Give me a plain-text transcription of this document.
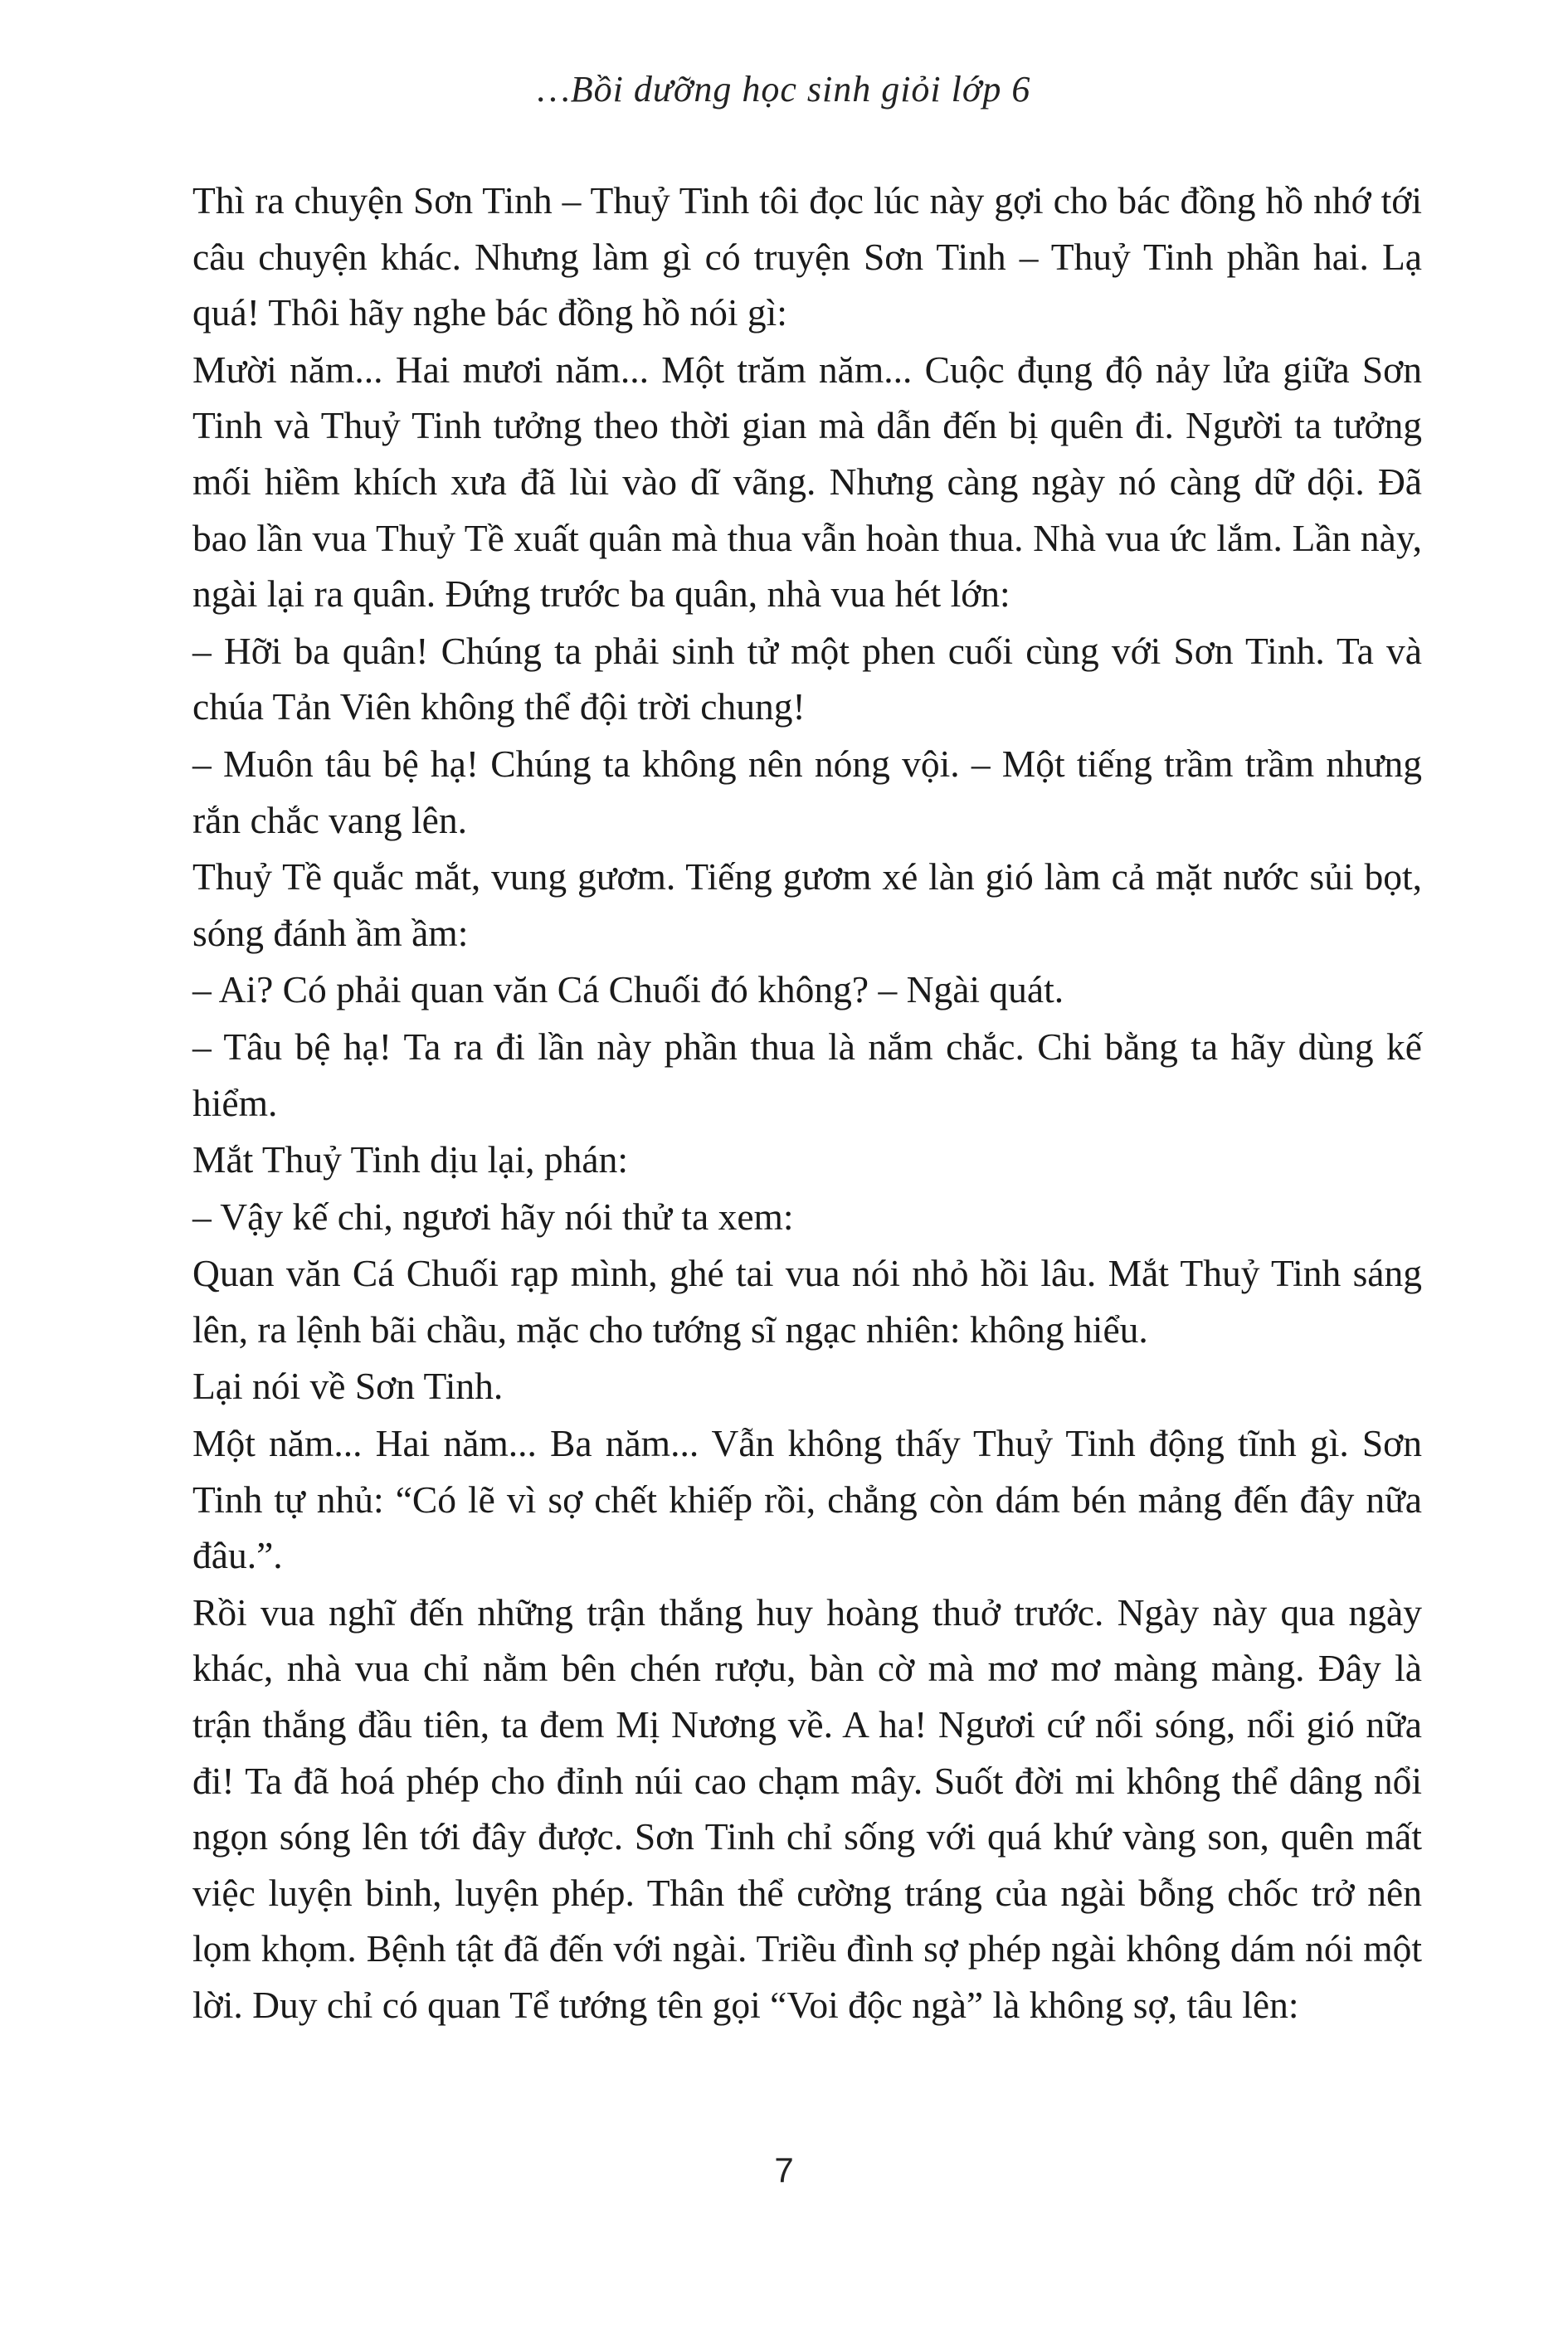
…Bồi dưỡng học sinh giỏi lớp 6

Thì ra chuyện Sơn Tinh – Thuỷ Tinh tôi đọc lúc này gợi cho bác đồng hồ nhớ tới câu chuyện khác. Nhưng làm gì có truyện Sơn Tinh – Thuỷ Tinh phần hai. Lạ quá! Thôi hãy nghe bác đồng hồ nói gì:

Mười năm... Hai mươi năm... Một trăm năm... Cuộc đụng độ nảy lửa giữa Sơn Tinh và Thuỷ Tinh tưởng theo thời gian mà dẫn đến bị quên đi. Người ta tưởng mối hiềm khích xưa đã lùi vào dĩ vãng. Nhưng càng ngày nó càng dữ dội. Đã bao lần vua Thuỷ Tề xuất quân mà thua vẫn hoàn thua. Nhà vua ức lắm. Lần này, ngài lại ra quân. Đứng trước ba quân, nhà vua hét lớn:

– Hỡi ba quân! Chúng ta phải sinh tử một phen cuối cùng với Sơn Tinh. Ta và chúa Tản Viên không thể đội trời chung!

– Muôn tâu bệ hạ! Chúng ta không nên nóng vội. – Một tiếng trầm trầm nhưng rắn chắc vang lên.

Thuỷ Tề quắc mắt, vung gươm. Tiếng gươm xé làn gió làm cả mặt nước sủi bọt, sóng đánh ầm ầm:

– Ai? Có phải quan văn Cá Chuối đó không? – Ngài quát.

– Tâu bệ hạ! Ta ra đi lần này phần thua là nắm chắc. Chi bằng ta hãy dùng kế hiểm.

Mắt Thuỷ Tinh dịu lại, phán:

– Vậy kế chi, ngươi hãy nói thử ta xem:

Quan văn Cá Chuối rạp mình, ghé tai vua nói nhỏ hồi lâu. Mắt Thuỷ Tinh sáng lên, ra lệnh bãi chầu, mặc cho tướng sĩ ngạc nhiên: không hiểu.

Lại nói về Sơn Tinh.

Một năm... Hai năm... Ba năm... Vẫn không thấy Thuỷ Tinh động tĩnh gì. Sơn Tinh tự nhủ: “Có lẽ vì sợ chết khiếp rồi, chẳng còn dám bén mảng đến đây nữa đâu.”.

Rồi vua nghĩ đến những trận thắng huy hoàng thuở trước. Ngày này qua ngày khác, nhà vua chỉ nằm bên chén rượu, bàn cờ mà mơ mơ màng màng. Đây là trận thắng đầu tiên, ta đem Mị Nương về. A ha! Ngươi cứ nổi sóng, nổi gió nữa đi! Ta đã hoá phép cho đỉnh núi cao chạm mây. Suốt đời mi không thể dâng nổi ngọn sóng lên tới đây được. Sơn Tinh chỉ sống với quá khứ vàng son, quên mất việc luyện binh, luyện phép. Thân thể cường tráng của ngài bỗng chốc trở nên lọm khọm. Bệnh tật đã đến với ngài. Triều đình sợ phép ngài không dám nói một lời. Duy chỉ có quan Tể tướng tên gọi “Voi độc ngà” là không sợ, tâu lên:

7
